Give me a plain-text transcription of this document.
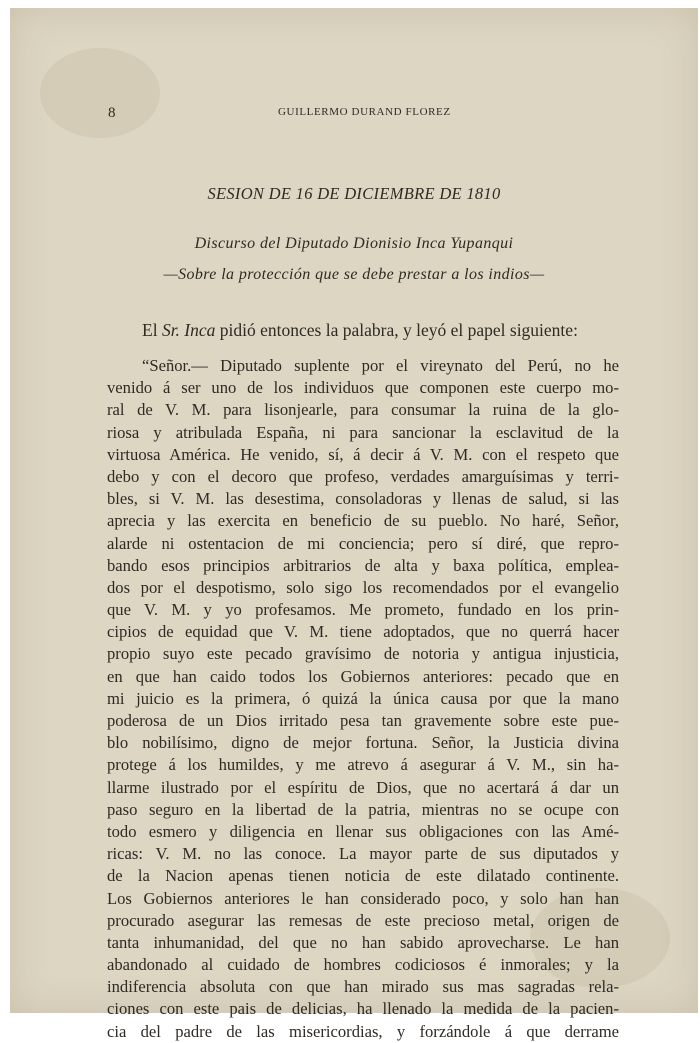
8	GUILLERMO DURAND FLOREZ
SESION DE 16 DE DICIEMBRE DE 1810
Discurso del Diputado Dionisio Inca Yupanqui
—Sobre la protección que se debe prestar a los indios—
El Sr. Inca pidió entonces la palabra, y leyó el papel siguiente:
“Señor.— Diputado suplente por el vireynato del Perú, no he
venido á ser uno de los individuos que componen este cuerpo mo-
ral de V. M. para lisonjearle, para consumar la ruina de la glo-
riosa y atribulada España, ni para sancionar la esclavitud de la
virtuosa América. He venido, sí, á decir á V. M. con el respeto que
debo y con el decoro que profeso, verdades amarguísimas y terri-
bles, si V. M. las desestima, consoladoras y llenas de salud, si las
aprecia y las exercita en beneficio de su pueblo. No haré, Señor,
alarde ni ostentacion de mi conciencia; pero sí diré, que repro-
bando esos principios arbitrarios de alta y baxa política, emplea-
dos por el despotismo, solo sigo los recomendados por el evangelio
que V. M. y yo profesamos. Me prometo, fundado en los prin-
cipios de equidad que V. M. tiene adoptados, que no querrá hacer
propio suyo este pecado gravísimo de notoria y antigua injusticia,
en que han caido todos los Gobiernos anteriores: pecado que en
mi juicio es la primera, ó quizá la única causa por que la mano
poderosa de un Dios irritado pesa tan gravemente sobre este pue-
blo nobilísimo, digno de mejor fortuna. Señor, la Justicia divina
protege á los humildes, y me atrevo á asegurar á V. M., sin ha-
llarme ilustrado por el espíritu de Dios, que no acertará á dar un
paso seguro en la libertad de la patria, mientras no se ocupe con
todo esmero y diligencia en llenar sus obligaciones con las Amé-
ricas: V. M. no las conoce. La mayor parte de sus diputados y
de la Nacion apenas tienen noticia de este dilatado continente.
Los Gobiernos anteriores le han considerado poco, y solo han han
procurado asegurar las remesas de este precioso metal, origen de
tanta inhumanidad, del que no han sabido aprovecharse. Le han
abandonado al cuidado de hombres codiciosos é inmorales; y la
indiferencia absoluta con que han mirado sus mas sagradas rela-
ciones con este pais de delicias, ha llenado la medida de la pacien-
cia del padre de las misericordias, y forzándole á que derrame
